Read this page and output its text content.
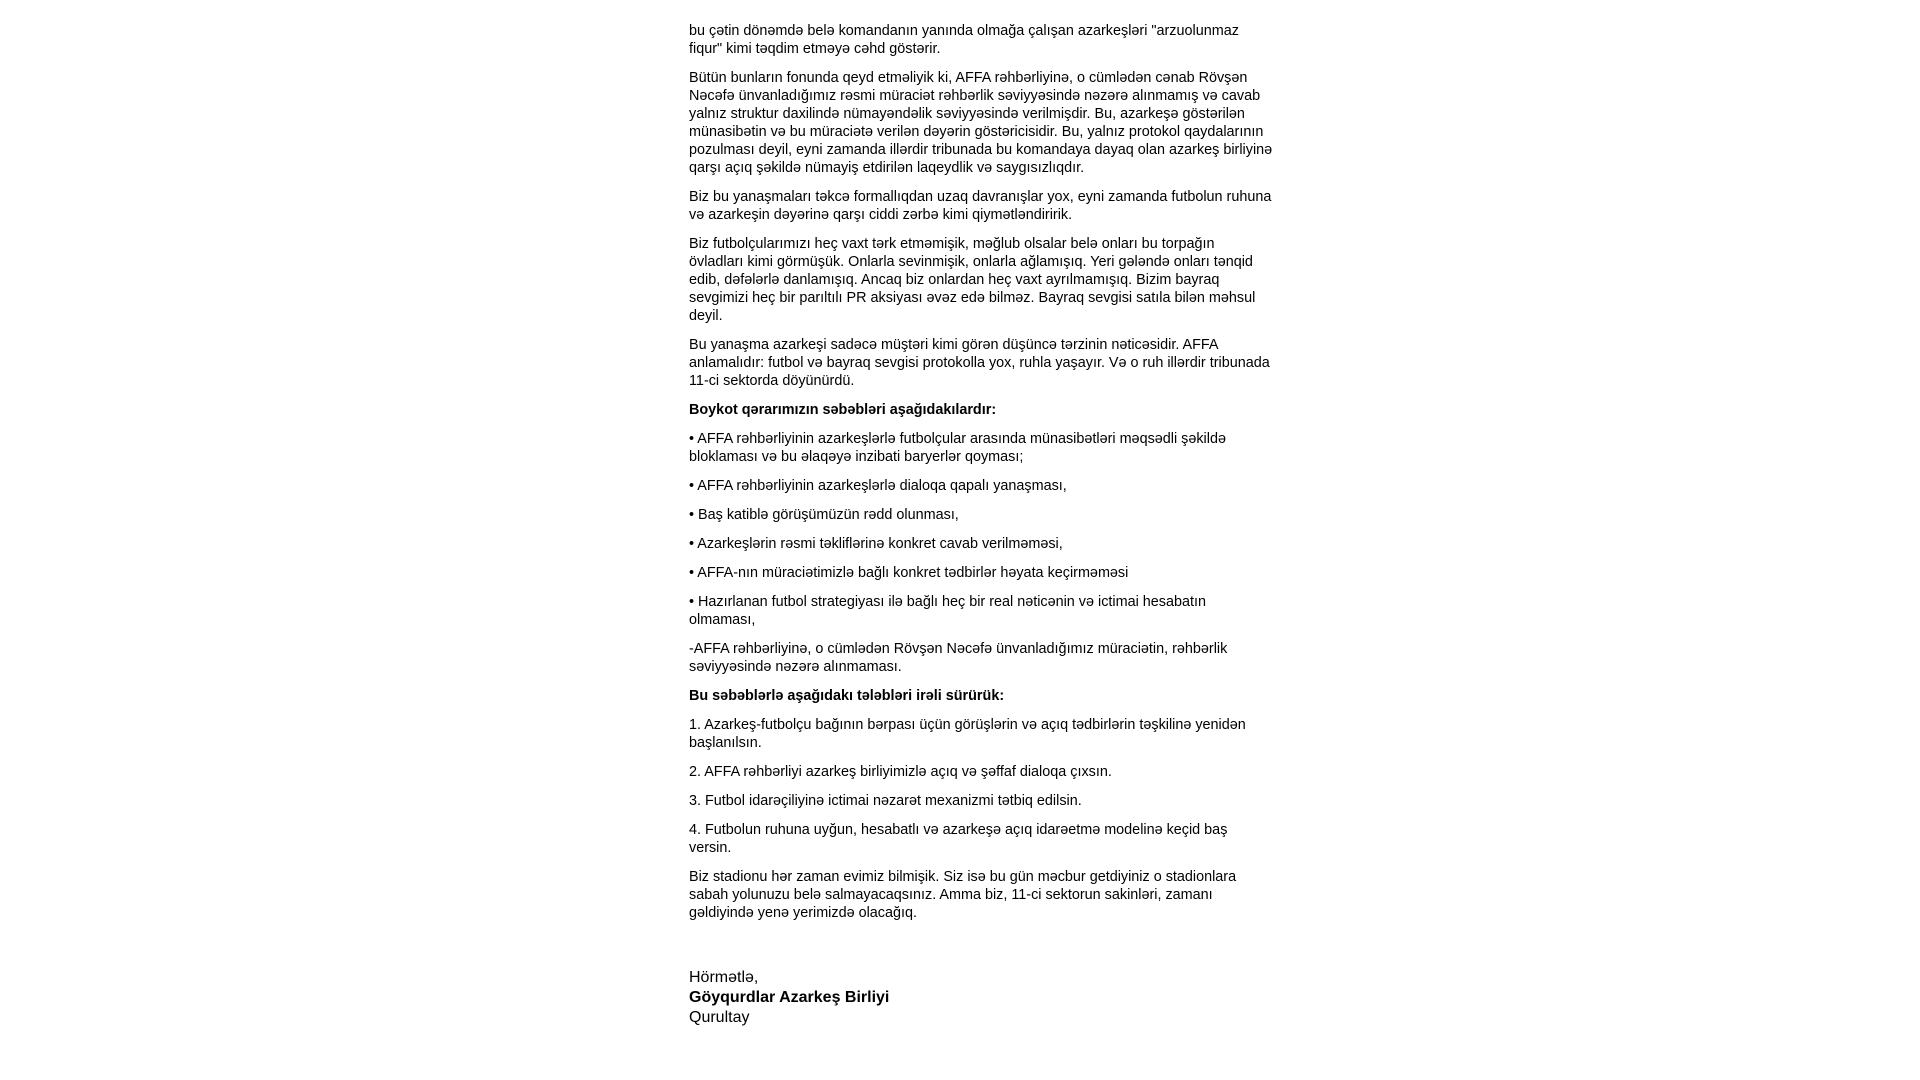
bu çətin dönəmdə belə komandanın yanında olmağa çalışan azarkeşləri "arzuolunmaz
fiqur" kimi təqdim etməyə cəhd göstərir.

Bütün bunların fonunda qeyd etməliyik ki, AFFA rəhbərliyinə, o cümlədən cənab Rövşən
Nəcəfə ünvanladığımız rəsmi müraciət rəhbərlik səviyyəsində nəzərə alınmamış və cavab
yalnız struktur daxilində nümayəndəlik səviyyəsində verilmişdir. Bu, azarkeşə göstərilən
münasibətin və bu müraciətə verilən dəyərin göstəricisidir. Bu, yalnız protokol qaydalarının
pozulması deyil, eyni zamanda illərdir tribunada bu komandaya dayaq olan azarkeş birliyinə
qarşı açıq şəkildə nümayiş etdirilən laqeydlik və saygısızlıqdır.

Biz bu yanaşmaları təkcə formallıqdan uzaq davranışlar yox, eyni zamanda futbolun ruhuna
və azarkeşin dəyərinə qarşı ciddi zərbə kimi qiymətləndiririk.

Biz futbolçularımızı heç vaxt tərk etməmişik, məğlub olsalar belə onları bu torpağın
övladları kimi görmüşük. Onlarla sevinmişik, onlarla ağlamışıq. Yeri gələndə onları tənqid
edib, dəfələrlə danlamışıq. Ancaq biz onlardan heç vaxt ayrılmamışıq. Bizim bayraq
sevgimizi heç bir parıltılı PR aksiyası əvəz edə bilməz. Bayraq sevgisi satıla bilən məhsul
deyil.

Bu yanaşma azarkeşi sadəcə müştəri kimi görən düşüncə tərzinin nəticəsidir. AFFA
anlamalıdır: futbol və bayraq sevgisi protokolla yox, ruhla yaşayır. Və o ruh illərdir tribunada
11-ci sektorda döyünürdü.

Boykot qərarımızın səbəbləri aşağıdakılardır:

• AFFA rəhbərliyinin azarkeşlərlə futbolçular arasında münasibətləri məqsədli şəkildə
bloklaması və bu əlaqəyə inzibati baryerlər qoyması;

• AFFA rəhbərliyinin azarkeşlərlə dialoqa qapalı yanaşması,

• Baş katiblə görüşümüzün rədd olunması,

• Azarkeşlərin rəsmi təkliflərinə konkret cavab verilməməsi,

• AFFA-nın müraciətimizlə bağlı konkret tədbirlər həyata keçirməməsi

• Hazırlanan futbol strategiyası ilə bağlı heç bir real nəticənin və ictimai hesabatın
olmaması,

-AFFA rəhbərliyinə, o cümlədən Rövşən Nəcəfə ünvanladığımız müraciətin, rəhbərlik
səviyyəsində nəzərə alınmaması.

Bu səbəblərlə aşağıdakı tələbləri irəli sürürük:

1. Azarkeş-futbolçu bağının bərpası üçün görüşlərin və açıq tədbirlərin təşkilinə yenidən
başlanılsın.

2. AFFA rəhbərliyi azarkeş birliyimizlə açıq və şəffaf dialoqa çıxsın.

3. Futbol idarəçiliyinə ictimai nəzarət mexanizmi tətbiq edilsin.

4. Futbolun ruhuna uyğun, hesabatlı və azarkeşə açıq idarəetmə modelinə keçid baş
versin.

Biz stadionu hər zaman evimiz bilmişik. Siz isə bu gün məcbur getdiyiniz o stadionlara
sabah yolunuzu belə salmayacaqsınız. Amma biz, 11-ci sektorun sakinləri, zamanı
gəldiyində yenə yerimizdə olacağıq.

Hörmətlə,
Göyqurdlar Azarkeş Birliyi
Qurultay
